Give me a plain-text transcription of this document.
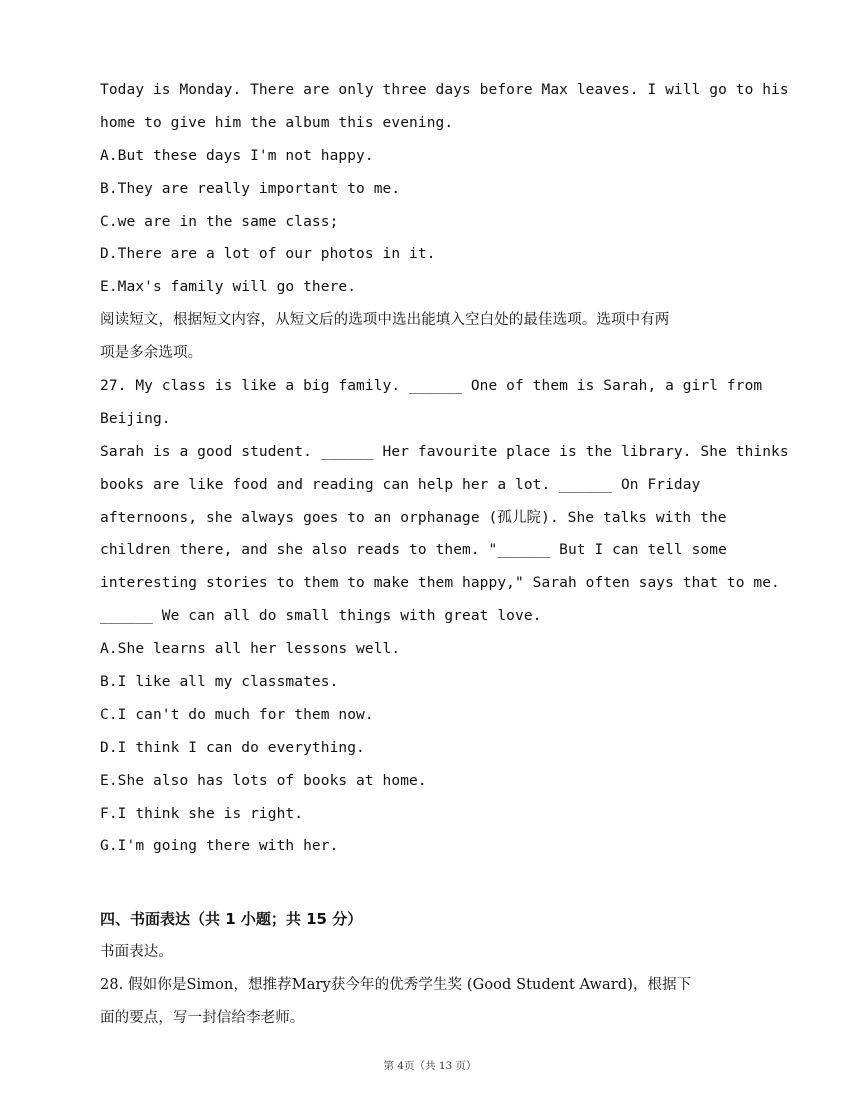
Today is Monday. There are only three days before Max leaves. I will go to his
home to give him the album this evening.
A.But these days I'm not happy.
B.They are really important to me.
C.we are in the same class;
D.There are a lot of our photos in it.
E.Max's family will go there.
阅读短文，根据短文内容，从短文后的选项中选出能填入空白处的最佳选项。选项中有两
项是多余选项。
27. My class is like a big family. ______ One of them is Sarah, a girl from
Beijing.
Sarah is a good student. ______ Her favourite place is the library. She thinks
books are like food and reading can help her a lot. ______ On Friday
afternoons, she always goes to an orphanage (孤儿院). She talks with the
children there, and she also reads to them. "______ But I can tell some
interesting stories to them to make them happy," Sarah often says that to me.
______ We can all do small things with great love.
A.She learns all her lessons well.
B.I like all my classmates.
C.I can't do much for them now.
D.I think I can do everything.
E.She also has lots of books at home.
F.I think she is right.
G.I'm going there with her.
四、书面表达（共 1 小题；共 15 分）
书面表达。
28. 假如你是Simon，想推荐Mary获今年的优秀学生奖 (Good Student Award)，根据下
面的要点，写一封信给李老师。
第 4页（共 13 页）
